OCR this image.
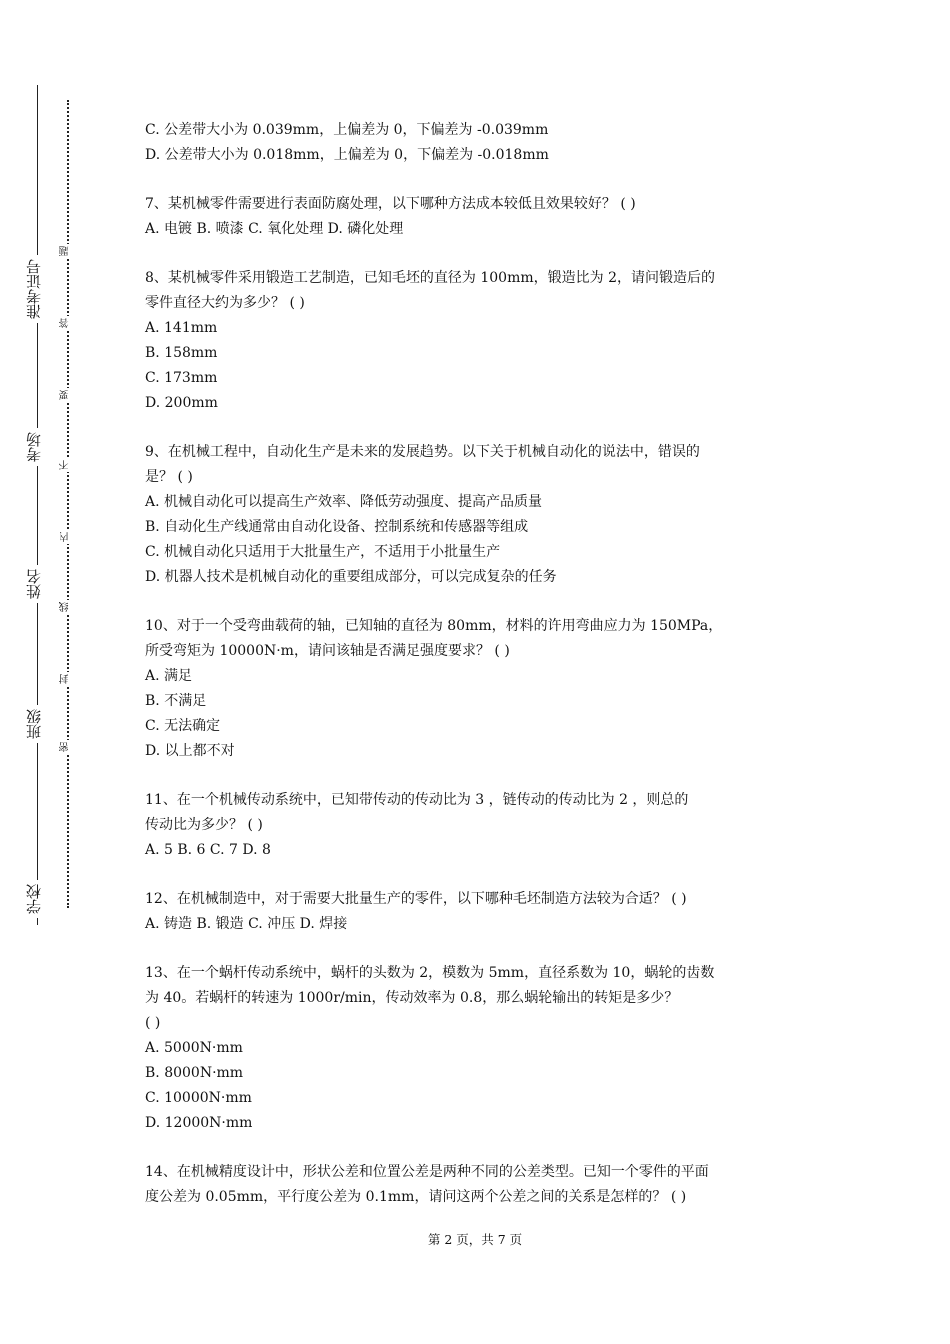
学校
班级
姓名
考场
准考证号
密
封
线
内
不
要
答
题
C. 公差带大小为 0.039mm，上偏差为 0，下偏差为 -0.039mm
D. 公差带大小为 0.018mm，上偏差为 0，下偏差为 -0.018mm
7、某机械零件需要进行表面防腐处理，以下哪种方法成本较低且效果较好？ ( )
A. 电镀 B. 喷漆 C. 氧化处理 D. 磷化处理
8、某机械零件采用锻造工艺制造，已知毛坯的直径为 100mm，锻造比为 2，请问锻造后的
零件直径大约为多少？ ( )
A. 141mm
B. 158mm
C. 173mm
D. 200mm
9、在机械工程中，自动化生产是未来的发展趋势。以下关于机械自动化的说法中，错误的
是？ ( )
A. 机械自动化可以提高生产效率、降低劳动强度、提高产品质量
B. 自动化生产线通常由自动化设备、控制系统和传感器等组成
C. 机械自动化只适用于大批量生产，不适用于小批量生产
D. 机器人技术是机械自动化的重要组成部分，可以完成复杂的任务
10、对于一个受弯曲载荷的轴，已知轴的直径为 80mm，材料的许用弯曲应力为 150MPa，
所受弯矩为 10000N·m，请问该轴是否满足强度要求？ ( )
A. 满足
B. 不满足
C. 无法确定
D. 以上都不对
11、在一个机械传动系统中，已知带传动的传动比为 3 ，链传动的传动比为 2 ，则总的
传动比为多少？ ( )
A. 5 B. 6 C. 7 D. 8
12、在机械制造中，对于需要大批量生产的零件，以下哪种毛坯制造方法较为合适？ ( )
A. 铸造 B. 锻造 C. 冲压 D. 焊接
13、在一个蜗杆传动系统中，蜗杆的头数为 2，模数为 5mm，直径系数为 10，蜗轮的齿数
为 40。若蜗杆的转速为 1000r/min，传动效率为 0.8，那么蜗轮输出的转矩是多少？
( )
A. 5000N·mm
B. 8000N·mm
C. 10000N·mm
D. 12000N·mm
14、在机械精度设计中，形状公差和位置公差是两种不同的公差类型。已知一个零件的平面
度公差为 0.05mm，平行度公差为 0.1mm，请问这两个公差之间的关系是怎样的？ ( )
第 2 页，共 7 页
